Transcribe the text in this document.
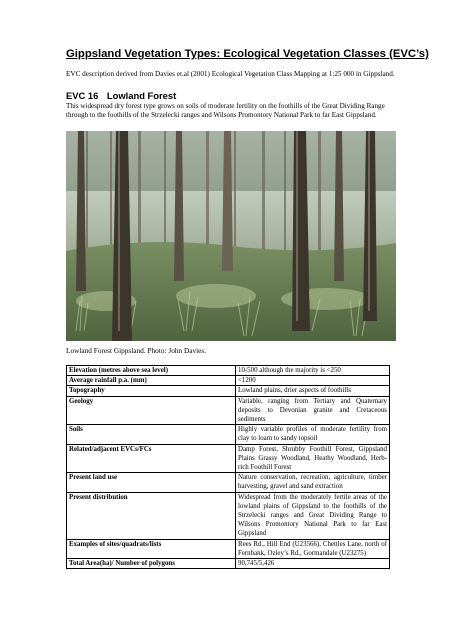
Gippsland Vegetation Types: Ecological Vegetation Classes (EVC’s)
EVC description derived from Davies et.al (2001) Ecological Vegetation Class Mapping at 1:25 000 in Gippsland.
EVC 16 Lowland Forest
This widespread dry forest type grows on soils of moderate fertility on the foothills of the Great Dividing Range through to the foothills of the Strzelecki ranges and Wilsons Promontory National Park to far East Gippsland.
Lowland Forest Gippsland. Photo: John Davies.
Elevation (metres above sea level)	10-500 although the majority is <250
Average rainfall p.a. (mm)	<1200
Topography	Lowland plains, drier aspects of foothills
Geology	Variable, ranging from Tertiary and Quaternary deposits to Devonian granite and Cretaceous sediments
Soils	Highly variable profiles of moderate fertility from clay to loam to sandy topsoil
Related/adjacent EVCs/FCs	Damp Forest, Shrubby Foothill Forest, Gippsland Plains Grassy Woodland, Heathy Woodland, Herb-rich Foothill Forest
Present land use	Nature conservation, recreation, agriculture, timber harvesting, gravel and sand extraction
Present distribution	Widespread from the moderately fertile areas of the lowland plains of Gippsland to the foothills of the Strzelecki ranges and Great Dividing Range to Wilsons Promontory National Park to far East Gippsland
Examples of sites/quadrats/lists	Rees Rd., Hill End (U23566), Chettles Lane, north of Fernbank, Ozley’s Rd., Gormandale (U23275)
Total Area(ha)/ Number of polygons	90,745/5,426
